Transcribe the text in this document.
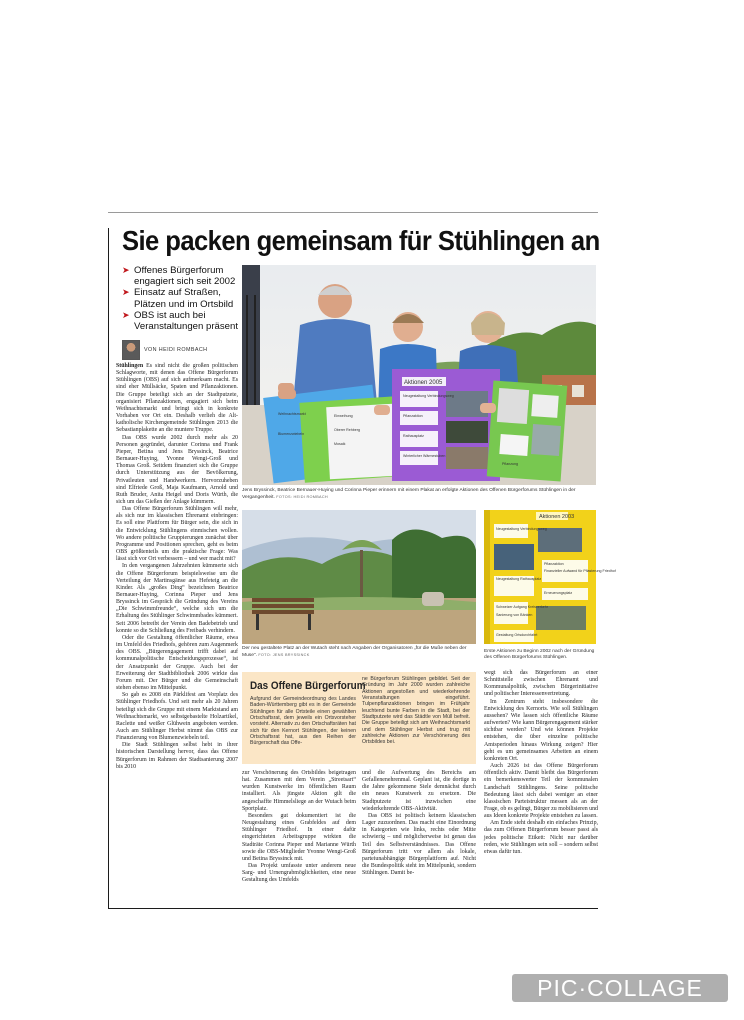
Sie packen gemeinsam für Stühlingen an
➤ Offenes Bürgerforum engagiert sich seit 2002
➤ Einsatz auf Straßen, Plätzen und im Ortsbild
➤ OBS ist auch bei Veranstaltungen präsent
VON HEIDI ROMBACH

Stühlingen Es sind nicht die großen politischen Schlagworte, mit denen das Offene Bürgerforum Stühlingen (OBS) auf sich aufmerksam macht. Es sind eher Müllsäcke, Spaten und Pflanzaktionen. Die Gruppe beteiligt sich an der Stadtputzete, organisiert Pflanzaktionen, engagiert sich beim Weihnachtsmarkt und bringt sich in konkrete Vorhaben vor Ort ein. Deshalb verlieh die Alt-katholische Kirchengemeinde Stühlingen 2013 die Sebastianplakette an die muntere Truppe.

Das OBS wurde 2002 durch mehr als 20 Personen gegründet, darunter Corinna und Frank Pieper, Betina und Jens Bryssinck, Beatrice Bernauer-Huying, Yvonne Wengi-Groß und Thomas Groß. Seitdem finanziert sich die Gruppe durch Unterstützung aus der Bevölkerung, Privatleuten und Handwerkern. Hervorzuheben sind Elfriede Groß, Maja Kaufmann, Arnold und Ruth Bruder, Anita Heigel und Doris Würth, die sich um das Gießen der Anlage kümmern.

Das Offene Bürgerforum Stühlingen will mehr, als sich nur im klassischen Ehrenamt einbringen: Es soll eine Plattform für Bürger sein, die sich in die Entwicklung Stühlingens einmischen wollen. Wo andere politische Gruppierungen zunächst über Programme und Positionen sprechen, geht es beim OBS größtenteils um die praktische Frage: Was lässt sich vor Ort verbessern – und wer macht mit?

In den vergangenen Jahrzehnten kümmerte sich die Offene Bürgerforum beispielsweise um die Verteilung der Martinsgänse aus Hefeteig an die Kinder. Als „großes Ding“ bezeichnen Beatrice Bernauer-Huying, Corinna Pieper und Jens Bryssinck im Gespräch die Gründung des Vereins „Die Schwimmfreunde“, welche sich um die Erhaltung des Stühlinger Schwimmbades kümmert. Seit 2006 betreibt der Verein den Badebetrieb und konnte so die Schließung des Freibads verhindern.

Oder die Gestaltung öffentlicher Räume, etwa im Umfeld des Friedhofs, gehören zum Augenmerk des OBS. „Bürgerengagement trifft dabei auf kommunalpolitische Entscheidungsprozesse“, ist der Ansatzpunkt der Gruppe. Auch bei der Erweiterung der Stadtbibliothek 2006 wirkte das Forum mit. Der Bürger und die Gemeinschaft stehen ebenso im Mittelpunkt.

So gab es 2008 ein Pärklifest am Vorplatz des Stühlinger Friedhofs. Und seit mehr als 20 Jahren beteiligt sich die Gruppe mit einem Marktstand am Weihnachtsmarkt, wo selbstgebastelte Holzartikel, Raclette und weißer Glühwein angeboten werden. Auch am Stühlinger Herbst nimmt das OBS zur Finanzierung von Blumenzwiebeln teil.

Die Stadt Stühlingen selbst hebt in ihrer historischen Darstellung hervor, dass das Offene Bürgerforum im Rahmen der Stadtsanierung 2007 bis 2010

Aktionen 2005
Neugestaltung Verbindungsweg Pflanzaktion Rathausplatz Winterlicher Wärmestuben Einweihung Oberer Rehberg Mosaik Pflanzung Weihnachtsmarkt Blumenzwiebeln
Jens Bryssinck, Beatrice Bernauer-Huying und Corinna Pieper erinnern mit einem Plakat an erfolgte Aktionen des Offenen Bürgerforums Stühlingen in der Vergangenheit. FOTOS: HEIDI ROMBACH
Der neu gestaltete Platz an der Wutach steht nach Angaben der Organisatoren „für die Muße neben der Muse“. FOTO: JENS BRYSSINCK
Aktionen 2003
Neugestaltung Verbindungsweg Neugestaltung Rathausplatz Pflanzaktion Finanzieller Aufwand für Pflasterung Friedhof Erneuerungsplatz Schweizer Aufgang Kreisverkehr Sanierung von Bänken Gestaltung Ortsdurchfahrt
Erste Aktionen zu Beginn 2002 nach der Gründung des Offenen Bürgerforums Stühlingen.
Das Offene Bürgerforum
Aufgrund der Gemeindeordnung des Landes Baden-Württemberg gibt es in der Gemeinde Stühlingen für alle Ortsteile einen gewählten Ortschaftsrat, dem jeweils ein Ortsvorsteher vorsteht. Alternativ zu den Ortschaftsräten hat sich für den Kernort Stühlingen, der keinen Ortschaftsrat hat, aus den Reihen der Bürgerschaft das Offe-
ne Bürgerforum Stühlingen gebildet. Seit der Gründung im Jahr 2000 wurden zahlreiche Aktionen angestoßen und wiederkehrende Veranstaltungen eingeführt. Tulpenpflanzaktionen bringen im Frühjahr leuchtend bunte Farben in die Stadt, bei der Stadtputzete wird das Städtle von Müll befreit. Die Gruppe beteiligt sich am Weihnachtsmarkt und dem Stühlinger Herbst und trug mit zahlreiche Aktionen zur Verschönerung des Ortsbildes bei.

zur Verschönerung des Ortsbildes beigetragen hat. Zusammen mit dem Verein „Streetsart“ wurden Kunstwerke im öffentlichen Raum installiert. Als jüngste Aktion gilt die angeschaffte Himmelsliege an der Wutach beim Sportplatz.

Besonders gut dokumentiert ist die Neugestaltung eines Grabfeldes auf dem Stühlinger Friedhof. In einer dafür eingerichteten Arbeitsgruppe wirkten die Stadträte Corinna Pieper und Marianne Würth sowie die OBS-Mitglieder Yvonne Wengi-Groß und Betina Bryssinck mit.

Das Projekt umfasste unter anderem neue Sarg- und Urnengrabmöglichkeiten, eine neue Gestaltung des Umfelds

und die Aufwertung des Bereichs am Gefallenenehrenmal. Geplant ist, die dortige in die Jahre gekommene Stele demnächst durch ein neues Kunstwerk zu ersetzen. Die Stadtputzete ist inzwischen eine wiederkehrende OBS-Aktivität.

Das OBS ist politisch keinem klassischen Lager zuzuordnen. Das macht eine Einordnung in Kategorien wie links, rechts oder Mitte schwierig – und möglicherweise ist genau das Teil des Selbstverständnisses. Das Offene Bürgerforum tritt vor allem als lokale, parteiunabhängige Bürgerplattform auf. Nicht die Bundespolitik steht im Mittelpunkt, sondern Stühlingen. Damit be-

wegt sich das Bürgerforum an einer Schnittstelle zwischen Ehrenamt und Kommunalpolitik, zwischen Bürgerinitiative und politischer Interessenvertretung.

Im Zentrum steht insbesondere die Entwicklung des Kernorts. Wie soll Stühlingen aussehen? Wie lassen sich öffentliche Räume aufwerten? Wie kann Bürgerengagement stärker sichtbar werden? Und wie können Projekte entstehen, die über einzelne politische Amtsperioden hinaus Wirkung zeigen? Hier geht es um gemeinsames Arbeiten an einem konkreten Ort.

Auch 2026 ist das Offene Bürgerforum öffentlich aktiv. Damit bleibt das Bürgerforum ein bemerkenswerter Teil der kommunalen Landschaft Stühlingens. Seine politische Bedeutung lässt sich dabei weniger an einer klassischen Parteistruktur messen als an der Frage, ob es gelingt, Bürger zu mobilisieren und aus Ideen konkrete Projekte entstehen zu lassen.

Am Ende steht deshalb ein einfaches Prinzip, das zum Offenen Bürgerforum besser passt als jedes politische Etikett: Nicht nur darüber reden, wie Stühlingen sein soll – sondern selbst etwas dafür tun.

PIC·COLLAGE
